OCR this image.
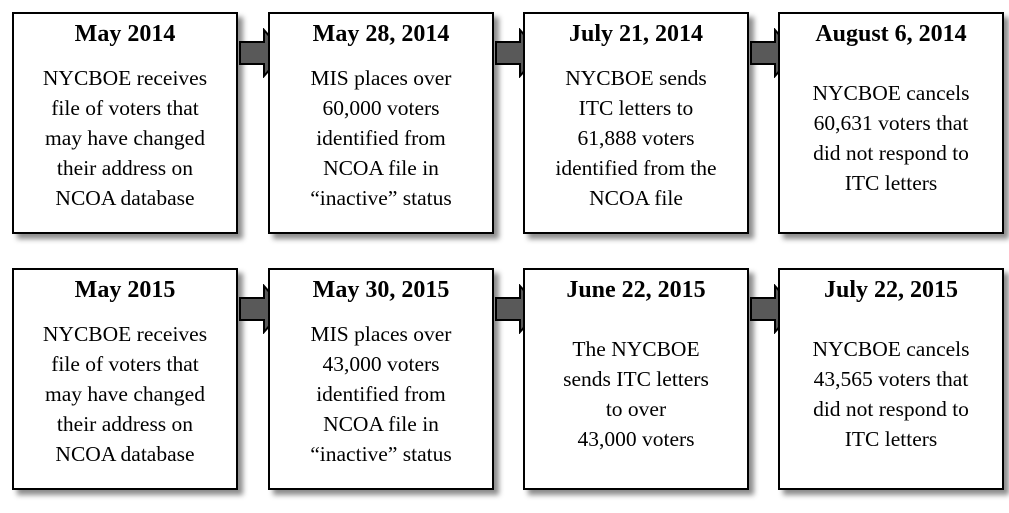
May 2014
NYCBOE receives
file of voters that
may have changed
their address on
NCOA database
May 28, 2014
MIS places over
60,000 voters
identified from
NCOA file in
“inactive” status
July 21, 2014
NYCBOE sends
ITC letters to
61,888 voters
identified from the
NCOA file
August 6, 2014
NYCBOE cancels
60,631 voters that
did not respond to
ITC letters
May 2015
NYCBOE receives
file of voters that
may have changed
their address on
NCOA database
May 30, 2015
MIS places over
43,000 voters
identified from
NCOA file in
“inactive” status
June 22, 2015
The NYCBOE
sends ITC letters
to over
43,000 voters
July 22, 2015
NYCBOE cancels
43,565 voters that
did not respond to
ITC letters
